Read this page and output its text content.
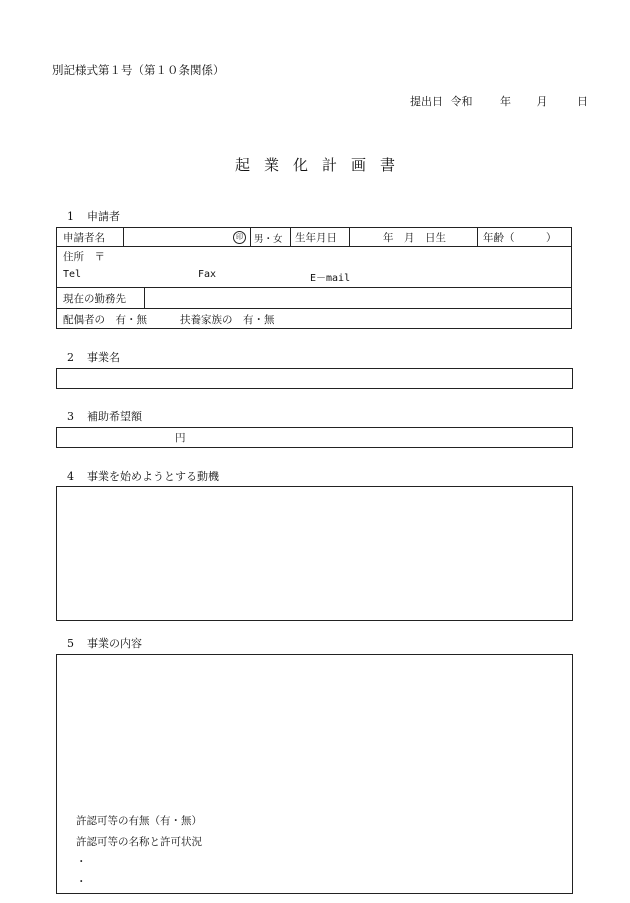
別記様式第１号（第１０条関係）
提出日 令和	年 月	日
起業化計画書
1 申請者
申請者名	印	男・女 生年月日	年　月　日生	年齢（　　　）
住所　〒
Tel	Fax	E－mail
現在の勤務先
配偶者の　有・無	扶養家族の　有・無
2 事業名
3 補助希望額
円
4 事業を始めようとする動機
5 事業の内容
許認可等の有無（有・無）
許認可等の名称と許可状況
・
・
